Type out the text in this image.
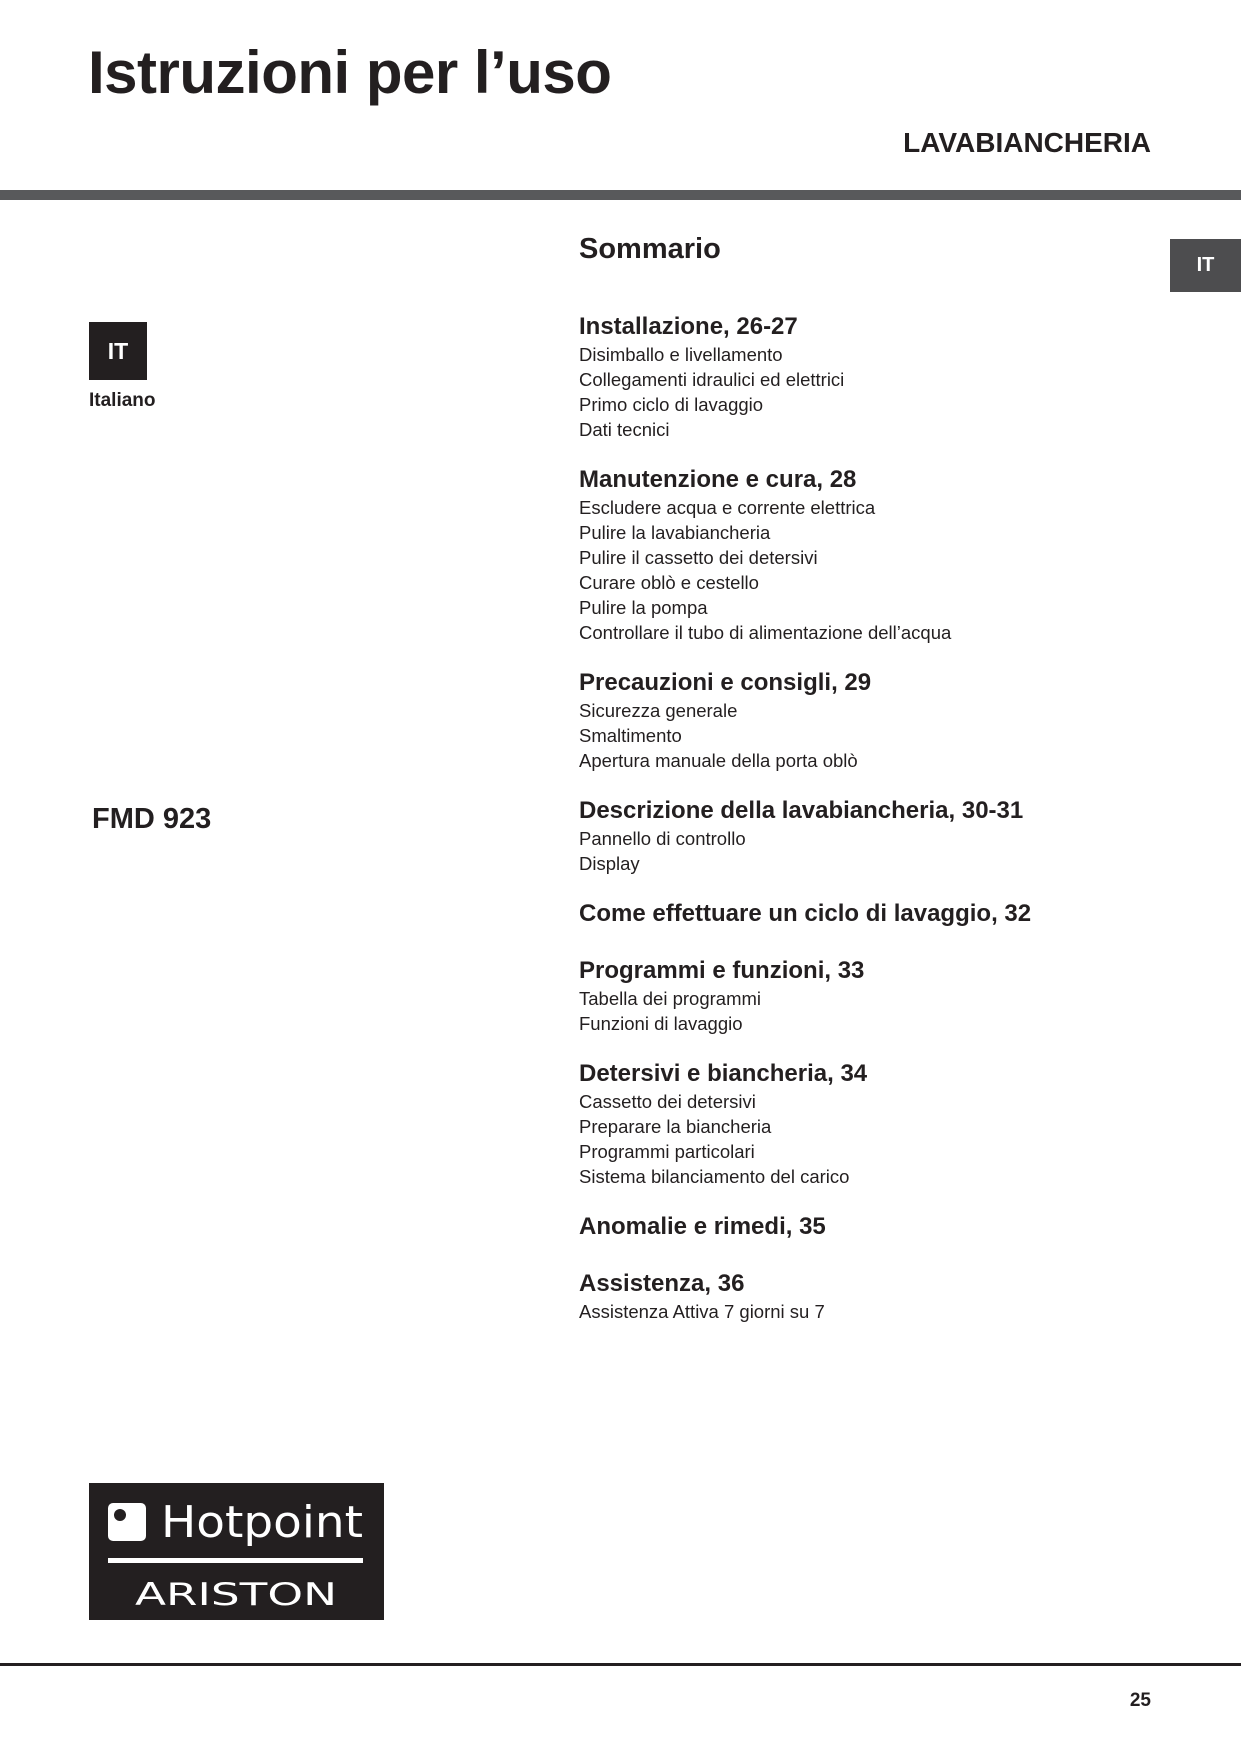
Istruzioni per l’uso
LAVABIANCHERIA
IT
IT
Italiano
FMD 923
Sommario
Installazione, 26-27
Disimballo e livellamento
Collegamenti idraulici ed elettrici
Primo ciclo di lavaggio
Dati tecnici
Manutenzione e cura, 28
Escludere acqua e corrente elettrica
Pulire la lavabiancheria
Pulire il cassetto dei detersivi
Curare oblò e cestello
Pulire la pompa
Controllare il tubo di alimentazione dell’acqua
Precauzioni e consigli, 29
Sicurezza generale
Smaltimento
Apertura manuale della porta oblò
Descrizione della lavabiancheria, 30-31
Pannello di controllo
Display
Come effettuare un ciclo di lavaggio, 32
Programmi e funzioni, 33
Tabella dei programmi
Funzioni di lavaggio
Detersivi e biancheria, 34
Cassetto dei detersivi
Preparare la biancheria
Programmi particolari
Sistema bilanciamento del carico
Anomalie e rimedi, 35
Assistenza, 36
Assistenza Attiva 7 giorni su 7
Hotpoint
ARISTON
25
